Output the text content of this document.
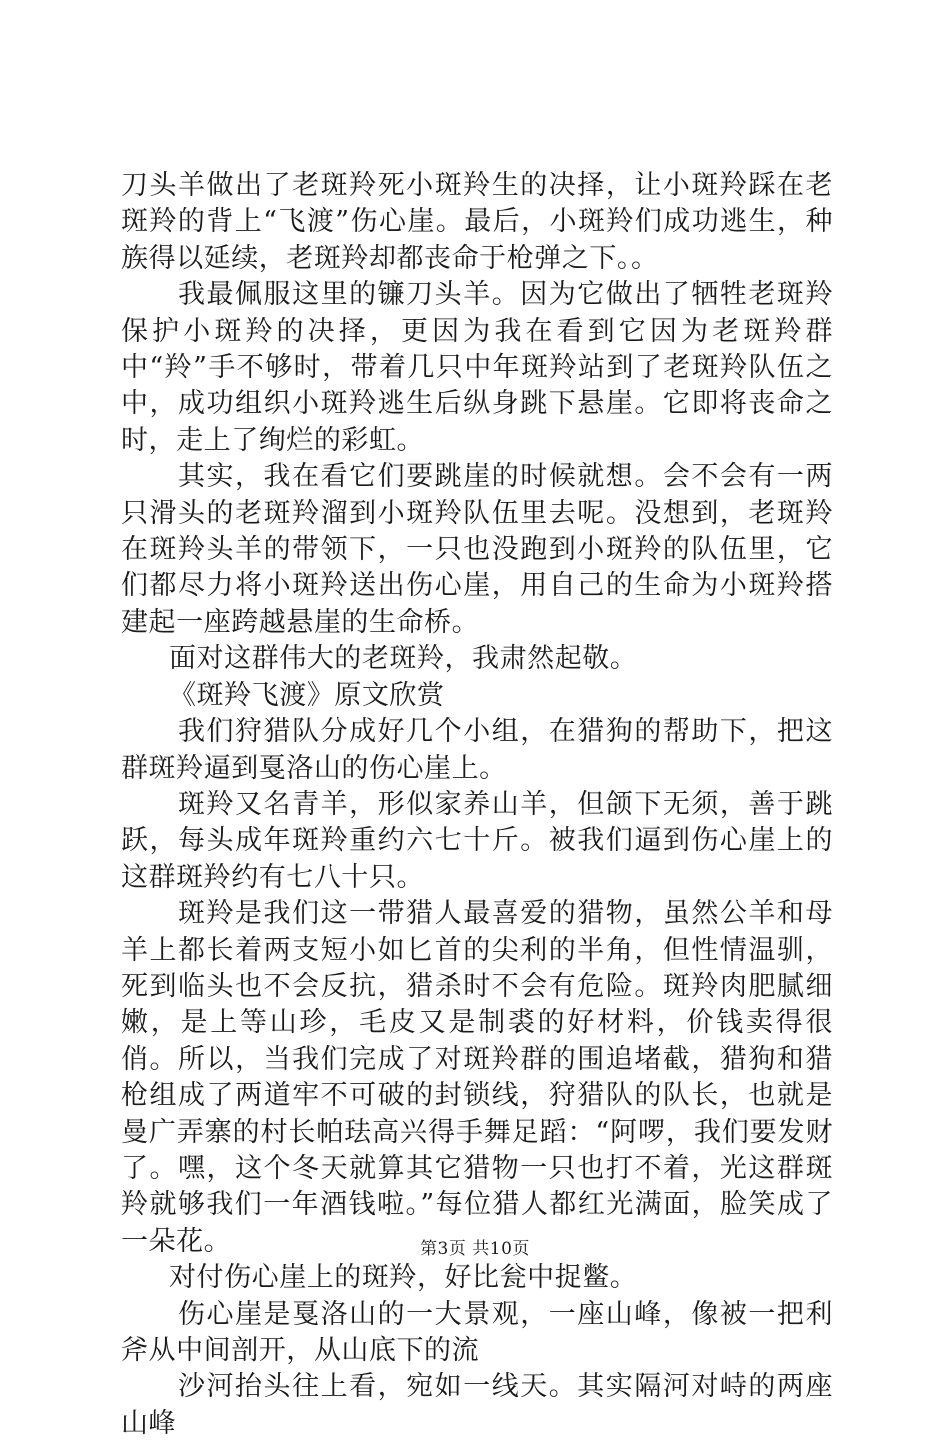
刀头羊做出了老斑羚死小斑羚生的决择，让小斑羚踩在老斑羚的背上“飞渡”伤心崖。最后，小斑羚们成功逃生，种族得以延续，老斑羚却都丧命于枪弹之下。。

我最佩服这里的镰刀头羊。因为它做出了牺牲老斑羚保护小斑羚的决择，更因为我在看到它因为老斑羚群中“羚”手不够时，带着几只中年斑羚站到了老斑羚队伍之中，成功组织小斑羚逃生后纵身跳下悬崖。它即将丧命之时，走上了绚烂的彩虹。

其实，我在看它们要跳崖的时候就想。会不会有一两只滑头的老斑羚溜到小斑羚队伍里去呢。没想到，老斑羚在斑羚头羊的带领下，一只也没跑到小斑羚的队伍里，它们都尽力将小斑羚送出伤心崖，用自己的生命为小斑羚搭建起一座跨越悬崖的生命桥。

面对这群伟大的老斑羚，我肃然起敬。

《斑羚飞渡》原文欣赏

我们狩猎队分成好几个小组，在猎狗的帮助下，把这群斑羚逼到戛洛山的伤心崖上。

斑羚又名青羊，形似家养山羊，但颌下无须，善于跳跃，每头成年斑羚重约六七十斤。被我们逼到伤心崖上的这群斑羚约有七八十只。

斑羚是我们这一带猎人最喜爱的猎物，虽然公羊和母羊上都长着两支短小如匕首的尖利的半角，但性情温驯，死到临头也不会反抗，猎杀时不会有危险。斑羚肉肥腻细嫩，是上等山珍，毛皮又是制裘的好材料，价钱卖得很俏。所以，当我们完成了对斑羚群的围追堵截，猎狗和猎枪组成了两道牢不可破的封锁线，狩猎队的队长，也就是曼广弄寨的村长帕珐高兴得手舞足蹈：“阿啰，我们要发财了。嘿，这个冬天就算其它猎物一只也打不着，光这群斑羚就够我们一年酒钱啦。”每位猎人都红光满面，脸笑成了一朵花。

对付伤心崖上的斑羚，好比瓮中捉鳖。

伤心崖是戛洛山的一大景观，一座山峰，像被一把利斧从中间剖开，从山底下的流

沙河抬头往上看，宛如一线天。其实隔河对峙的两座山峰

第3页 共10页
